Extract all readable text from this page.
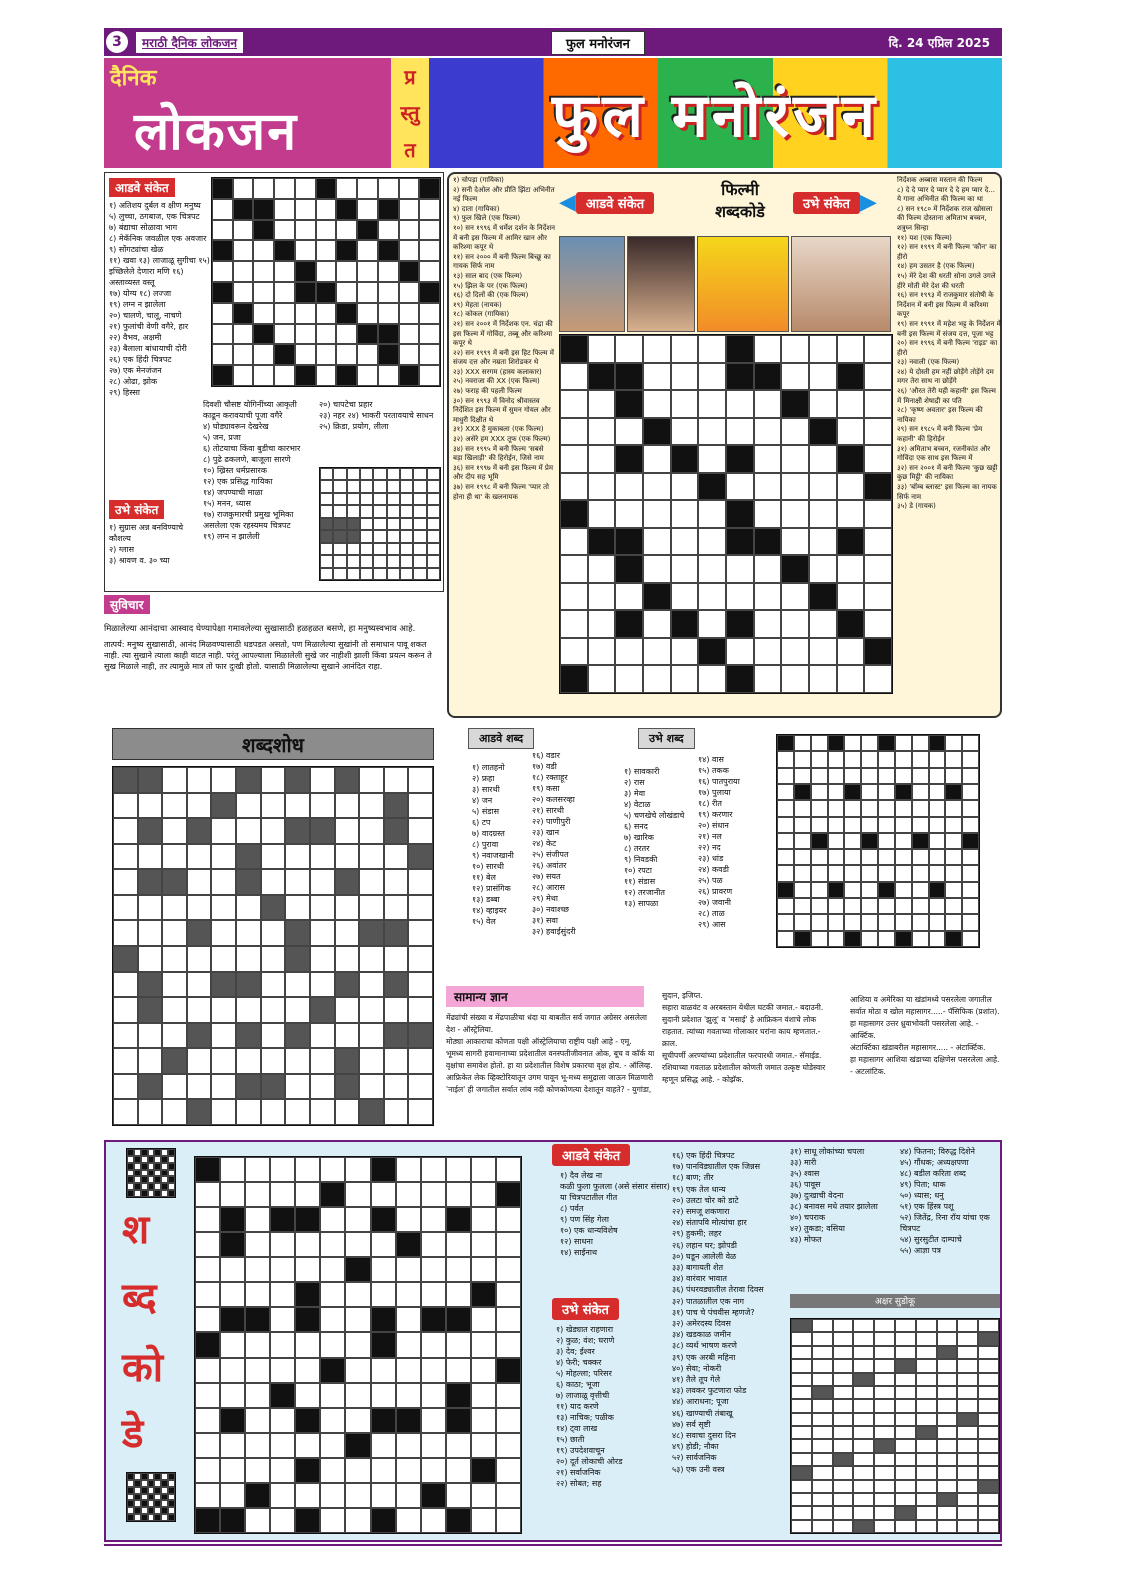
3	मराठी दैनिक लोकजन	फुल मनोरंजन	दि. 24 एप्रिल 2025
दैनिक
लोकजन
प्र
स्तु
त	फुल मनोरंजन
आडवे संकेत
१) अतिशय दुर्बल व क्षीण मनुष्य
५) लुच्चा, ठगबाज, एक चित्रपट
७) बंद्याचा सोळावा भाग
८) मेकॅनिक जवळील एक अवजार
९) सोंगट्यांचा खेळ
११) खवा १३) लाजाळू सुगीचा १५) इच्छिलेले देणारा मणि १६) अस्ताव्यस्त वस्तू
१७) योग्य १८) लज्जा
१९) लग्न न झालेला
२०) चालणे, चालू, नाचणे
२१) फुलांची वेणी वगैरे, हार
२२) वैभव, अक्षमी
२३) बैलाला बांधायाची दोरी
२६) एक हिंदी चित्रपट
२७) एक मेनजंजन
२८) ओढा, झोक
२९) हिस्सा
दिवशी चौसष्ट योगिनींच्या आकृती काढून करावयाची पूजा वगैरे
४) घोड्यावरून देखरेख
५) जन, प्रजा
६) तोटयाचा किंवा बुडीचा कारभार
८) पुढे ढकलणे, बाजूला सारणे
१०) ख्रिस्त धर्मप्रसारक
१२) एक प्रसिद्ध गायिका
१४) जपण्याची माळा
१५) मनन, ध्यास
१७) राजकुमारची प्रमुख भूमिका असलेला एक रहस्यमय चित्रपट
१९) लग्न न झालेली
२०) चापटेचा प्रहार
२३) नहर २४) भाकरी परतावयाचे साधन
२५) क्रिडा, प्रयोग, लीला
उभे संकेत
१) सुग्रास अन्न बनविण्याचे कौशल्य
२) ग्लास
३) श्रावण व. ३० च्या
सुविचार

मिळालेल्या आनंदाचा आस्वाद घेण्यापेक्षा गमावलेल्या सुखासाठी हळहळत बसणे, हा मनुष्यस्वभाव आहे.

तात्पर्य: मनुष्य सुखासाठी, आनंद मिळवण्यासाठी धडपडत असतो, पण मिळालेल्या सुखांनी तो समाधान पावू शकत नाही. त्या सुखाने त्याला काही वाटत नाही. परंतु आपल्याला मिळालेली सुखे जर नाहीशी झाली किंवा प्रयत्न करून ते सुख मिळाले नाही, तर त्यामुळे मात्र तो फार दुःखी होतो. यासाठी मिळालेल्या सुखाने आनंदित राहा.

१) चोपड़ा (गायिका)
२) सनी देओल और प्रीति झिंटा अभिनीत नई फिल्म
४) दाता (गायिका)
९) फुल खिले (एक फिल्म)
१०) सन १९९६ में धर्मेश दर्शन के निर्देशन में बनी इस फिल्म में आमिर खान और करिश्मा कपूर थे
११) सन २००० में बनी फिल्म बिच्छू का गायक सिर्फ नाम
१३) साल बाद (एक फिल्म)
१५) झिल के पर (एक फिल्म)
१६) दो दिलों की (एक फिल्म)
१९) मेहता (नायक)
१८) कोकल (गायिका)
२१) सन २००१ में निर्देशक एन. चंद्रा की इस फिल्म में गोविंदा, तब्बू और करिश्मा कपूर थे
२२) सन १९९९ में बनी इस हिट फिल्म में संजय दत्त और नम्रता शिरोडकर थे
२३) XXX सरगम (हास्य कलाकार)
२५) नवराजा की XX (एक फिल्म)
२७) फराह की पहली फिल्म
३०) सन १९९३ में विनोद श्रीवास्तव निर्देशित इस फिल्म में सुमन गोयल और माधुरी दिक्षीत थे
३१) XXX है मुकाबला (एक फिल्म)
३२) असेरे हम XXX तूफ (एक फिल्म)
३४) सन १९९५ में बनी फिल्म 'सबसे बड़ा खिलाड़ी' की हिरोईन, जिसे नाम
३६) सन १९९७ में बनी इस फिल्म में प्रेम और दीप सह भूमि
३७) सन १९९८ में बनी फिल्म 'प्यार तो होना ही था' के खलनायक
◀ आडवे संकेत
फिल्मी
शब्दकोडे	उभे संकेत ▶
निर्देशक अब्बास मस्तान की फिल्म
८) दे दे प्यार दे प्यार दे दे हम प्यार दे... ये गाना अभिनीत की फिल्म का था
८) सन १९८० में निर्देशक राज खोसला की फिल्म दोस्ताना अमिताभ बच्चन, शत्रुघ्न सिन्हा
११) यश (एक फिल्म)
१२) सन १९९९ में बनी फिल्म 'कौन' का हीरो
१४) हम उसतर है (एक फिल्म)
१५) मेरे देश की धरती सोना उगले उगले हीरे मोती मेरे देश की धरती
१६) सन १९९३ में राजकुमार संतोषी के निर्देशन में बनी इस फिल्म में करिश्मा कपूर
१९) सन १९९१ में महेश भट्ट के निर्देशन में बनी इस फिल्म में संजय दत्त, पूजा भट्ट
२०) सन १९९६ में बनी फिल्म 'राइड' का हीरो
२३) नवाली (एक फिल्म)
२४) ये दोस्ती हम नहीं छोड़ेंगे तोड़ेंगे दम मगर तेरा साथ ना छोड़ेंगे
२६) 'औरत तेरी यही कहानी' इस फिल्म में मिनाक्षी शेषाद्री का पति
२८) 'कृष्ण अवतार' इस फिल्म की नायिका
२९) सन १९८५ में बनी फिल्म 'प्रेम कहानी' की हिरोईन
३१) अमिताभ बच्चन, रजनीकांत और गोविंदा एक साथ इस फिल्म में
३२) सन २००१ में बनी फिल्म 'कुछ खट्टी कुछ मिट्ठी' की नायिका
३३) 'बॉम्ब ब्लास्ट' इस फिल्म का नायक सिर्फ नाम
३५) डे (गायक)
शब्दशोध	आडवे शब्द	उभे शब्द
१) लातहनो
२) फ्रहा
३) सारथी
४) जन
५) संडास
६) टप
७) वादग्रस्त
८) पुरावा
९) नवाजखानी
१०) सारथी
११) बेल
१२) प्रासंगिक
१३) डब्बा
१४) व्हाइयर
१५) वेल
१६) वडार
१७) वडी
१८) रक्ताहूर
१९) कसा
२०) कलसरव्हा
२१) सारथी
२२) पाणीपुरी
२३) खान
२४) केट
२५) संजीपत
२६) अवांतर
२७) सयत
२८) आरास
२९) मेथा
३०) नवाश्च्छ
३१) सवा
३२) हवाईसुंदरी
१) सावकारी
२) रास
३) मेवा
४) वेटाळ
५) चणखेचे लोखंडाचे
६) सनद
७) खारिक
८) तरतर
९) निवडकी
१०) रपटा
११) संडास
१२) तरजानीत
१३) सापळा
१४) वास
१५) तकक
१६) पातपुराया
१७) पुलाया
१८) रीत
१९) करणार
२०) संधान
२१) नल
२२) नद
२३) धांड
२४) कवडी
२५) पळ
२६) प्रावरण
२७) जवानी
२८) ताळ
२९) आस
सामान्य ज्ञान
मेंढ्यांची संख्या व मेंढपाळीचा धंदा या बाबतीत सर्व जगात अग्रेसर असलेला देश - ऑस्ट्रेलिया.
मोठ्या आकाराचा कोणता पक्षी ऑस्ट्रेलियाचा राष्ट्रीय पक्षी आहे - एमू.
भूमध्य सागरी हवामानाच्या प्रदेशातील वनस्पतीजीवनात ओक, बूच व कॉर्क या वृक्षांचा समावेश होतो. हा या प्रदेशातील विशेष प्रकारचा वृक्ष होय. - ऑलिव्ह.
आफ्रिकेत लेक व्हिक्टोरियातून उगम पावून भू-मध्य समुद्राला जाऊन मिळणारी 'नाईल' ही जगातील सर्वात लांब नदी कोणकोणत्या देशातून वाहते? - युगांडा,
सुदान, इजिप्त.
सहारा वाळवंट व अरबस्तान येथील घटकी जमात.- बदाउनी.
सुदानी प्रदेशात 'झुलू' व 'मसाई' हे आफ्रिकन वंशाचे लोक राहतात. त्यांच्या गवताच्या गोलाकार घरांना काय म्हणतात.- क्राल.
सूचीपर्णी अरण्यांच्या प्रदेशातील फरपारधी जमात.- सॅमाईड.
रशियाच्या गवताळ प्रदेशातील कोणती जमात उत्कृष्ट घोडेस्वार म्हणून प्रसिद्ध आहे. - कोझॅक.
आशिया व अमेरिका या खंडांमध्ये पसरलेला जगातील सर्वात मोठा व खोल महासागर.....- पॅसिफिक (प्रशांत).
हा महासागर उत्तर ध्रुवाभोवती पसरलेला आहे. - आर्क्टिक.
अंटार्क्टिका खंडाबरील महासागर..... - अंटार्क्टिक.
हा महासागर आशिया खंडाच्या दक्षिणेस पसरलेला आहे. - अटलांटिक.
श
ब्द
को
डे
आडवे संकेत
१) दैव लेख ना
कळी फुला फुलला (असे संसार संसार) या चित्रपटातील गीत
८) पर्वत
९) पण सिंह गेला
१०) एक धान्यविशेष
१२) साधना
१४) साईनाथ
उभे संकेत
१) खेड्यात राहणारा
२) कुळ; वंश; घराणे
३) देव; ईश्वर
४) फेरी; चक्कर
५) मोहल्ला; परिसर
६) काठा; भूजा
७) लाजाळू वृत्तीची
११) याद करणे
१३) नाचिक; पळीक
१४) ट्वा लाख
१५) छाती
१९) उपदेशवाचून
२०) दूर्त लोकाची ओरड
२१) सर्वाजनिक
२२) सोबत; सह
१६) एक हिंदी चित्रपट
१७) पानविड्यातील एक जिन्नस
१८) बाण; तीर
१९) एक तेल धान्य
२०) उलटा चोर को डाटे
२२) समजू शकणारा
२४) संतापवि मोत्यांचा हार
२९) हुकमी; लहर
२६) लहान घर; झोपडी
३०) घडून आलेली वेळ
३३) बागायती शेत
३४) वारंवार भावात
३६) पंधरवड्यातील तेरावा दिवस
३२) पातळातील एक नाग
३१) पाच चे पंचवीस म्हणजे?
३२) अमेरदस्य दिवस
३४) खडकाळ जमीन
३८) व्यर्थ भाषण करणे
३९) एक अरबी महिना
४०) सेवा; नोकरी
४१) तैले तूप गेले
४३) लवकर फुटणारा फोड
४४) आराधना; पूजा
४६) खाण्याची तंबाखू
४७) सर्व सृष्टी
४८) सवाचा दुसरा दिन
४९) होडी; नौका
५२) सार्वजनिक
५३) एक उनी वस्त्र
३१) साधू लोकांच्या चपला
३३) मारी
३५) श्वास
३६) पावूस
३७) दुःखाची वेदना
३८) बनावस मधे तयार झालेला
४०) चपराक
४२) तुकडा; वसिया
४३) मोफत
४४) फितना; विरुद्ध दिशेने
४५) गौंधक; अध्यक्षपणा
४८) बडील करिता शब्द
४९) पिता; धाक
५०) ध्यास; धनु
५१) एक हिंस्त्र पशू
५२) जितेंद्र, रिना रॉय यांचा एक चित्रपट
५४) सुरसुटीत दाम्पाचे
५५) आज्ञा पत्र
अक्षर सुडोकू
